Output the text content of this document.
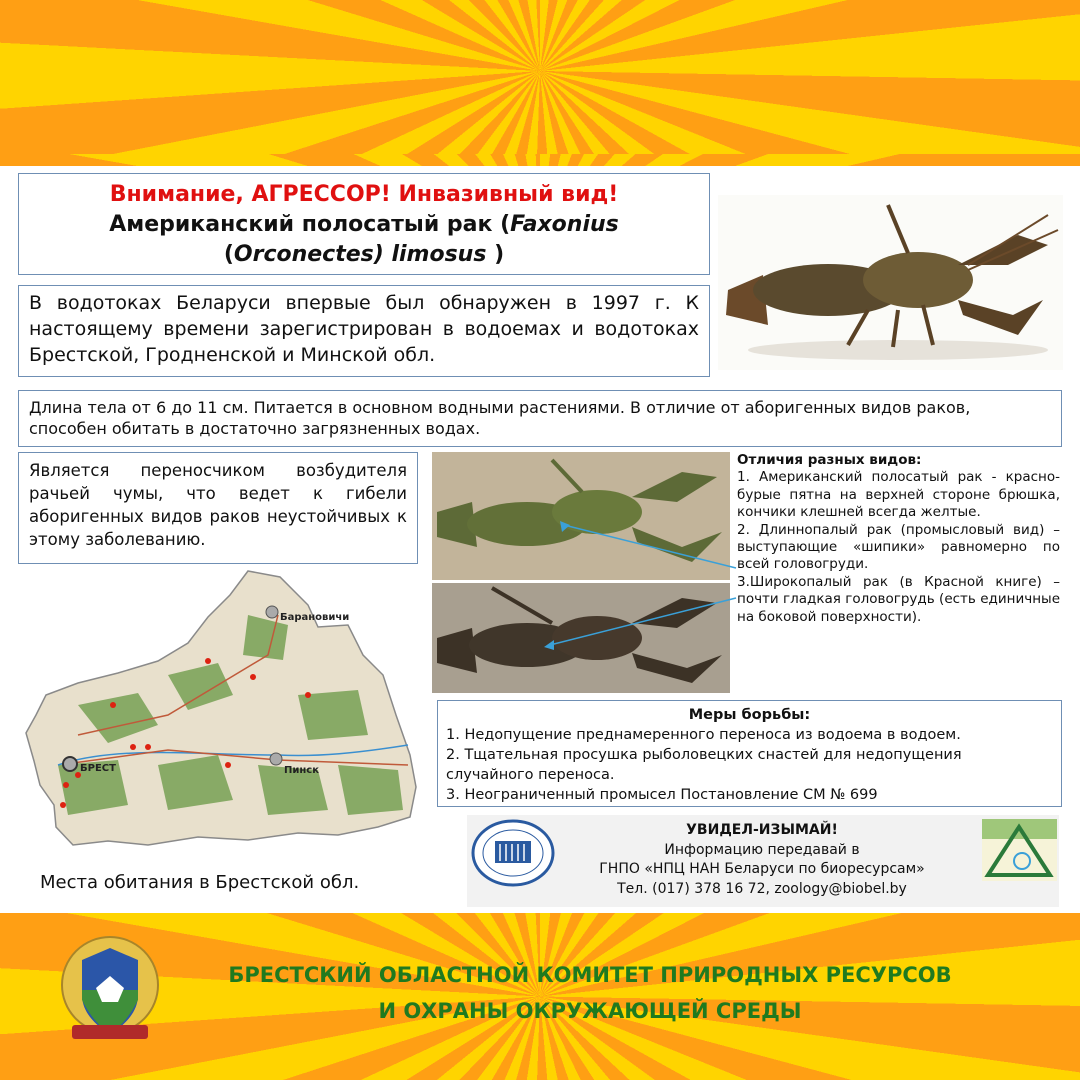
Внимание, АГРЕССОР! Инвазивный вид!
Американский полосатый рак (Faxonius
(Orconectes) limosus )
В водотоках Беларуси впервые был обнаружен в 1997 г. К настоящему времени зарегистрирован в водоемах и водотоках Брестской, Гродненской и Минской обл.
Длина тела от 6 до 11 см. Питается в основном водными растениями. В отличие от аборигенных видов раков, способен обитать в достаточно загрязненных водах.
Является переносчиком возбудителя рачьей чумы, что ведет к гибели аборигенных видов раков неустойчивых к этому заболеванию.
Отличия разных видов:
1. Американский полосатый рак - красно-бурые пятна на верхней стороне брюшка, кончики клешней всегда желтые.
2. Длиннопалый рак (промысловый вид) – выступающие «шипики» равномерно по всей головогруди.
3.Широкопалый рак (в Красной книге) – почти гладкая головогрудь (есть единичные на боковой поверхности).
Барановичи
БРЕСТ	Пинск
Места обитания в Брестской обл.
Меры борьбы:
1. Недопущение преднамеренного переноса из водоема в водоем.
2. Тщательная просушка рыболовецких снастей для недопущения случайного переноса.
3. Неограниченный промысел Постановление СМ № 699
УВИДЕЛ-ИЗЫМАЙ!
Информацию передавай в
ГНПО «НПЦ НАН Беларуси по биоресурсам»
Тел. (017) 378 16 72, zoology@biobel.by
БРЕСТСКИЙ ОБЛАСТНОЙ КОМИТЕТ ПРИРОДНЫХ РЕСУРСОВ
И ОХРАНЫ ОКРУЖАЮЩЕЙ СРЕДЫ
